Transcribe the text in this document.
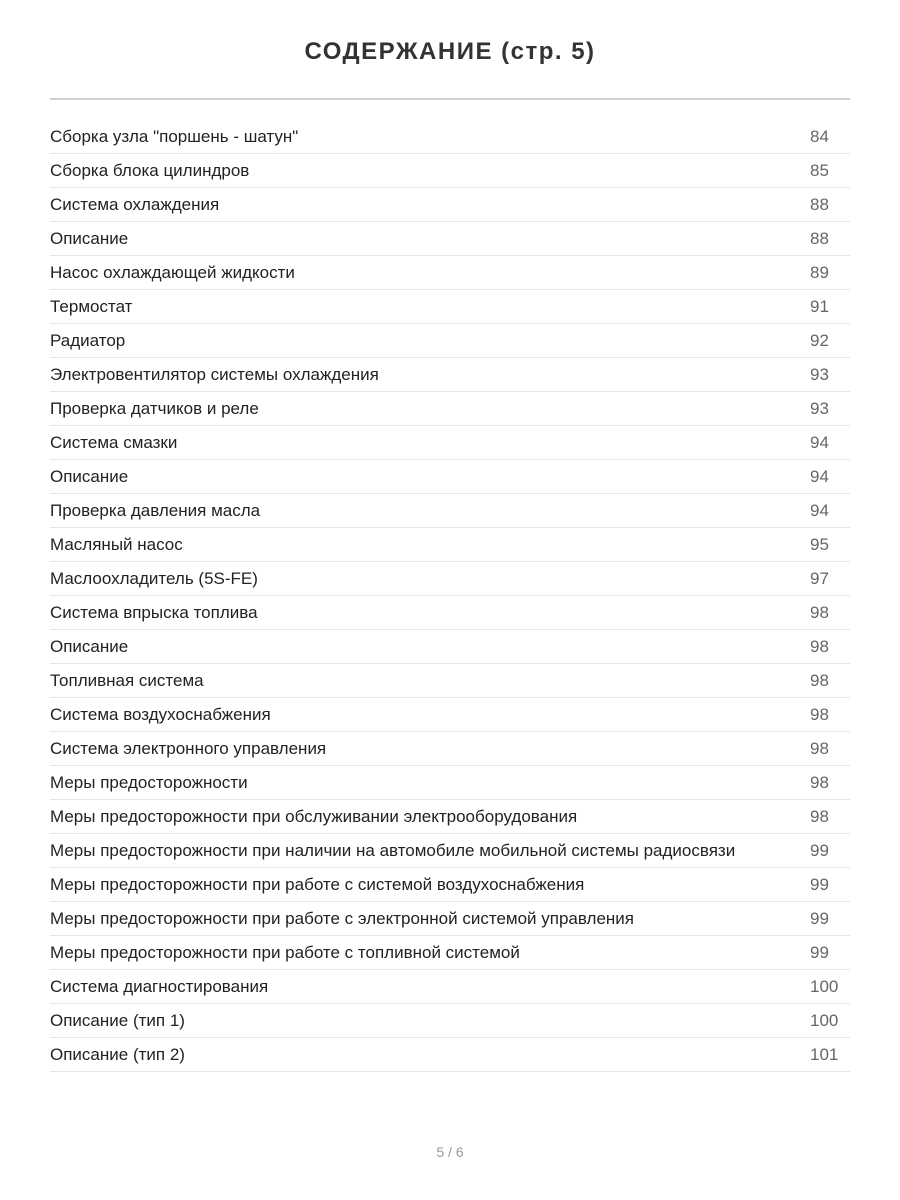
СОДЕРЖАНИЕ (стр. 5)
Сборка узла "поршень - шатун"	84
Сборка блока цилиндров	85
Система охлаждения	88
Описание	88
Насос охлаждающей жидкости	89
Термостат	91
Радиатор	92
Электровентилятор системы охлаждения	93
Проверка датчиков и реле	93
Система смазки	94
Описание	94
Проверка давления масла	94
Масляный насос	95
Маслоохладитель (5S-FE)	97
Система впрыска топлива	98
Описание	98
Топливная система	98
Система воздухоснабжения	98
Система электронного управления	98
Меры предосторожности	98
Меры предосторожности при обслуживании электрооборудования	98
Меры предосторожности при наличии на автомобиле мобильной системы радиосвязи	99
Меры предосторожности при работе с системой воздухоснабжения	99
Меры предосторожности при работе с электронной системой управления	99
Меры предосторожности при работе с топливной системой	99
Система диагностирования	100
Описание (тип 1)	100
Описание (тип 2)	101
5 / 6
